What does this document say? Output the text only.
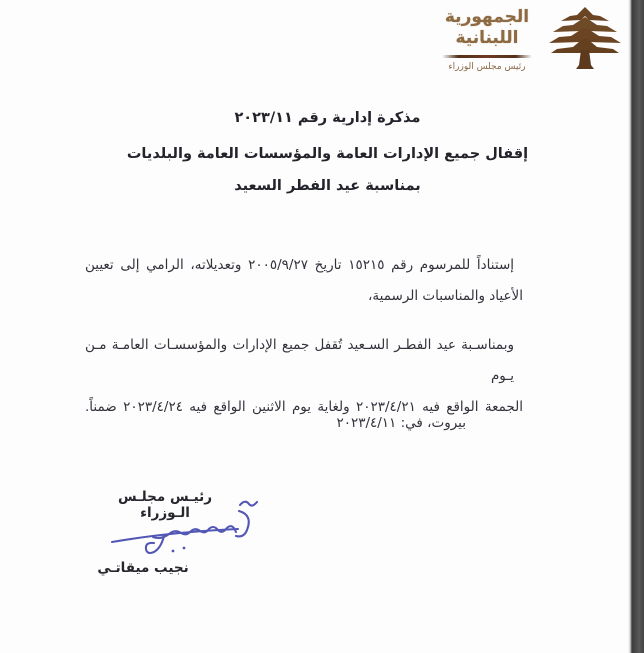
الجمهورية
اللبنانية
رئيس مجلس الوزراء
مذكرة إدارية رقم ٢٠٢٣/١١
إقفال جميع الإدارات العامة والمؤسسات العامة والبلديات
بمناسبة عيد الفطر السعيد
إستناداً للمرسوم رقم ١٥٢١٥ تاريخ ٢٠٠٥/٩/٢٧ وتعديلاته، الرامي إلى تعيين
الأعياد والمناسبات الرسمية،
وبمناسـبة عيد الفطـر السـعيد تُقفل جميع الإدارات والمؤسسـات العامـة مـن يـوم
الجمعة الواقع فيه ٢٠٢٣/٤/٢١ ولغاية يوم الاثنين الواقع فيه ٢٠٢٣/٤/٢٤ ضمناً.
بيروت، في: ٢٠٢٣/٤/١١
رئيـس مجلـس الـوزراء
نجيب ميقاتـي
